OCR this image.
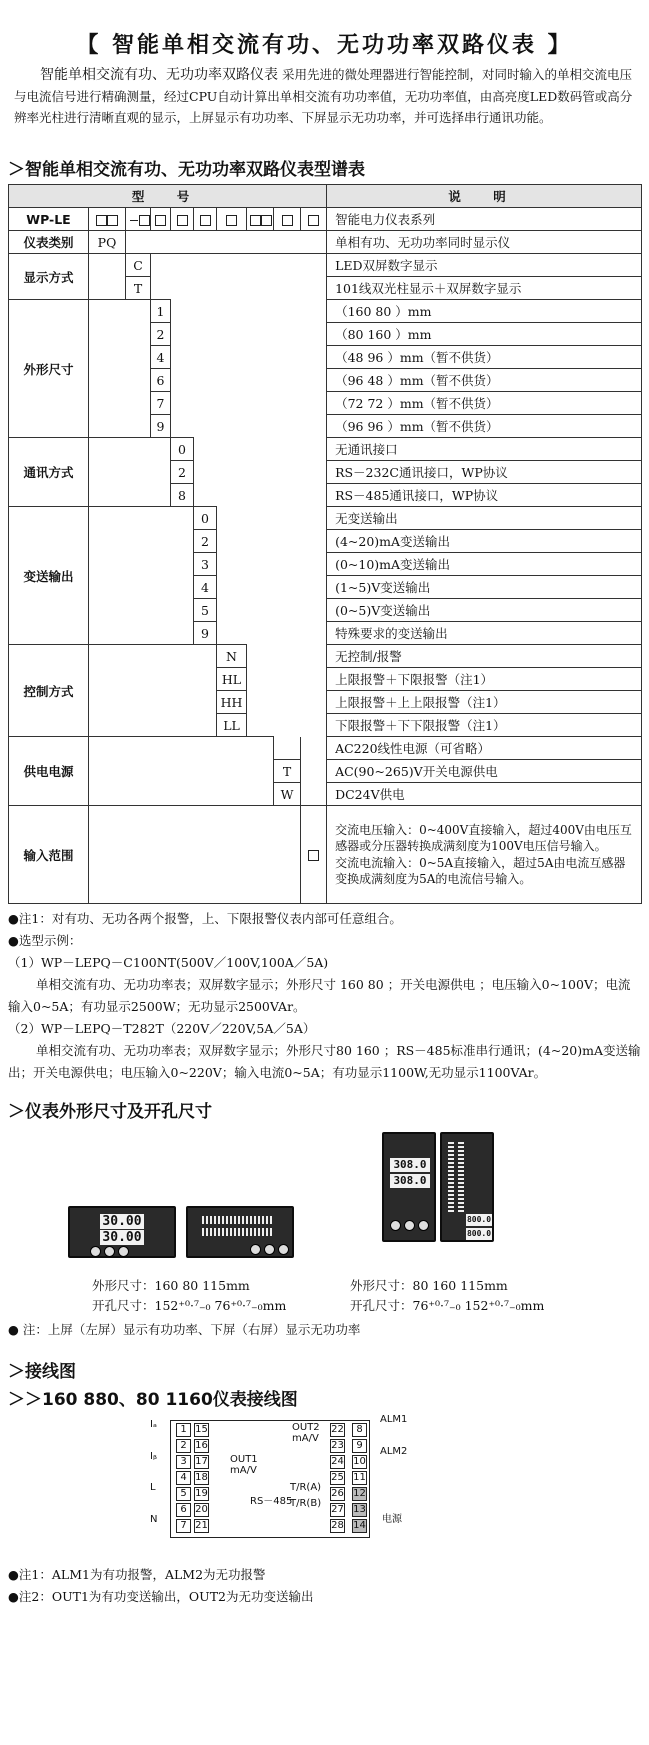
【 智能单相交流有功、无功功率双路仪表 】
智能单相交流有功、无功功率双路仪表 采用先进的微处理器进行智能控制，对同时输入的单相交流电压与电流信号进行精确测量，经过CPU自动计算出单相交流有功功率值，无功功率值，由高亮度LED数码管或高分辨率光柱进行清晰直观的显示，上屏显示有功功率、下屏显示无功功率，并可选择串行通讯功能。
＞智能单相交流有功、无功功率双路仪表型谱表
型 号										说 明
WP-LE										智能电力仪表系列
仪表类别	PQ									单相有功、无功功率同时显示仪
显示方式		C								LED双屏数字显示
		T								101线双光柱显示＋双屏数字显示
外形尺寸			1							（160 80 ）mm
			2							（80 160 ）mm
			4							（48 96 ）mm（暂不供货）
			6							（96 48 ）mm（暂不供货）
			7							（72 72 ）mm（暂不供货）
			9							（96 96 ）mm（暂不供货）
通讯方式				0						无通讯接口
				2						RS－232C通讯接口，WP协议
				8						RS－485通讯接口，WP协议
变送输出					0					无变送输出
					2					(4~20)mA变送输出
					3					(0~10)mA变送输出
					4					(1~5)V变送输出
					5					(0~5)V变送输出
					9					特殊要求的变送输出
控制方式						N				无控制/报警
						HL				上限报警＋下限报警（注1）
						HH				上限报警＋上上限报警（注1）
						LL				下限报警＋下下限报警（注1）
供电电源										AC220线性电源（可省略）
								T		AC(90~265)V开关电源供电
								W		DC24V供电
输入范围										交流电压输入：0~400V直接输入，超过400V由电压互感器或分压器转换成满刻度为100V电压信号输入。
交流电流输入：0~5A直接输入，超过5A由电流互感器变换成满刻度为5A的电流信号输入。
●注1：对有功、无功各两个报警，上、下限报警仪表内部可任意组合。
●选型示例：
（1）WP－LEPQ－C100NT(500V／100V,100A／5A)
单相交流有功、无功功率表；双屏数字显示；外形尺寸 160 80 ；开关电源供电 ；电压输入0~100V；电流输入0~5A；有功显示2500W；无功显示2500VAr。
（2）WP－LEPQ－T282T（220V／220V,5A／5A）
单相交流有功、无功功率表；双屏数字显示；外形尺寸80 160 ；RS－485标准串行通讯；(4~20)mA变送输出；开关电源供电；电压输入0~220V；输入电流0~5A；有功显示1100W,无功显示1100VAr。
＞仪表外形尺寸及开孔尺寸
30.00
30.00
308.0
308.0
800.0
800.0
外形尺寸：160 80 115mm
开孔尺寸：152⁺⁰·⁷₋₀ 76⁺⁰·⁷₋₀mm
外形尺寸：80 160 115mm
开孔尺寸：76⁺⁰·⁷₋₀ 152⁺⁰·⁷₋₀mm
● 注：上屏（左屏）显示有功功率、下屏（右屏）显示无功功率
＞接线图
＞＞160 880、80 1160仪表接线图
1
2
3
4
5
6
7
15
16
17
18
19
20
21
22
23
24
25
26
27
28
8
9
10
11
12
13
14
Iₐ
Iᵦ
L
N
OUT1
mA/V
OUT2
mA/V
RS－485
T/R(A)
T/R(B)
ALM1
ALM2
电源
●注1：ALM1为有功报警，ALM2为无功报警
●注2：OUT1为有功变送输出，OUT2为无功变送输出
